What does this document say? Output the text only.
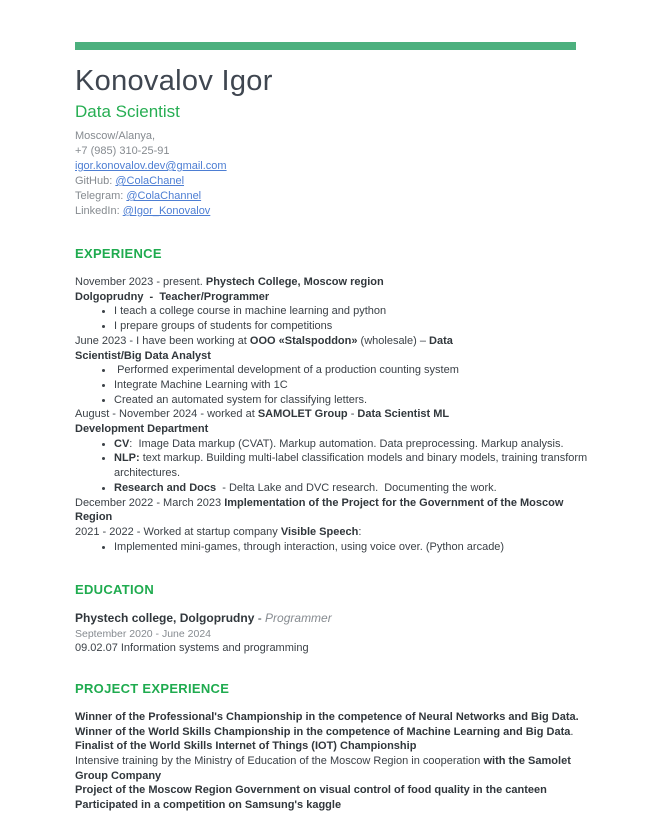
Konovalov Igor
Data Scientist
Moscow/Alanya,
+7 (985) 310-25-91
igor.konovalov.dev@gmail.com
GitHub: @ColaChanel
Telegram: @ColaChannel
LinkedIn: @Igor_Konovalov
EXPERIENCE
November 2023 - present. Phystech College, Moscow region
Dolgoprudny  -  Teacher/Programmer
• I teach a college course in machine learning and python
• I prepare groups of students for competitions
June 2023 - I have been working at OOO «Stalspoddon» (wholesale) – Data
Scientist/Big Data Analyst
•  Performed experimental development of a production counting system
• Integrate Machine Learning with 1C
• Created an automated system for classifying letters.
August - November 2024 - worked at SAMOLET Group - Data Scientist ML
Development Department
• CV:  Image Data markup (CVAT). Markup automation. Data preprocessing. Markup analysis.
• NLP: text markup. Building multi-label classification models and binary models, training transform architectures.
• Research and Docs  - Delta Lake and DVC research.  Documenting the work.
December 2022 - March 2023 Implementation of the Project for the Government of the Moscow
Region
2021 - 2022 - Worked at startup company Visible Speech:
• Implemented mini-games, through interaction, using voice over. (Python arcade)
EDUCATION
Phystech college, Dolgoprudny - Programmer
September 2020 - June 2024
09.02.07 Information systems and programming
PROJECT EXPERIENCE
Winner of the Professional's Championship in the competence of Neural Networks and Big Data.
Winner of the World Skills Championship in the competence of Machine Learning and Big Data.
Finalist of the World Skills Internet of Things (IOT) Championship
Intensive training by the Ministry of Education of the Moscow Region in cooperation with the Samolet
Group Company
Project of the Moscow Region Government on visual control of food quality in the canteen
Participated in a competition on Samsung's kaggle
